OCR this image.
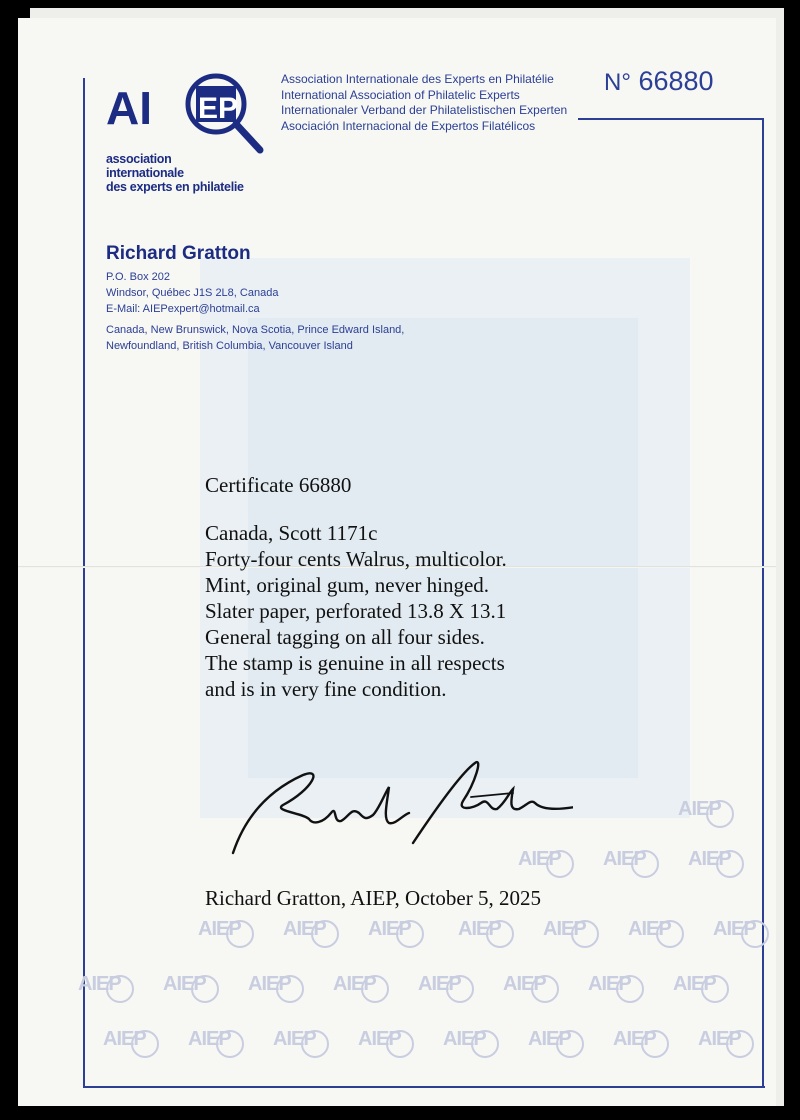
AI EP
association
internationale
des experts en philatelie
Association Internationale des Experts en Philatélie
International Association of Philatelic Experts
Internationaler Verband der Philatelistischen Experten
Asociación Internacional de Expertos Filatélicos
N° 66880
Richard Gratton
P.O. Box 202
Windsor, Québec J1S 2L8, Canada
E-Mail: AIEPexpert@hotmail.ca
Canada, New Brunswick, Nova Scotia, Prince Edward Island,
Newfoundland, British Columbia, Vancouver Island
Certificate 66880
Canada, Scott 1171c
Forty-four cents Walrus, multicolor.
Mint, original gum, never hinged.
Slater paper, perforated 13.8 X 13.1
General tagging on all four sides.
The stamp is genuine in all respects
and is in very fine condition.
Richard Gratton, AIEP, October 5, 2025
AIEP
AIEP	AIEP	AIEP
AIEP	AIEP	AIEP	AIEP	AIEP	AIEP	AIEP
AIEP	AIEP	AIEP	AIEP	AIEP	AIEP	AIEP	AIEP
AIEP	AIEP	AIEP	AIEP	AIEP	AIEP	AIEP	AIEP
